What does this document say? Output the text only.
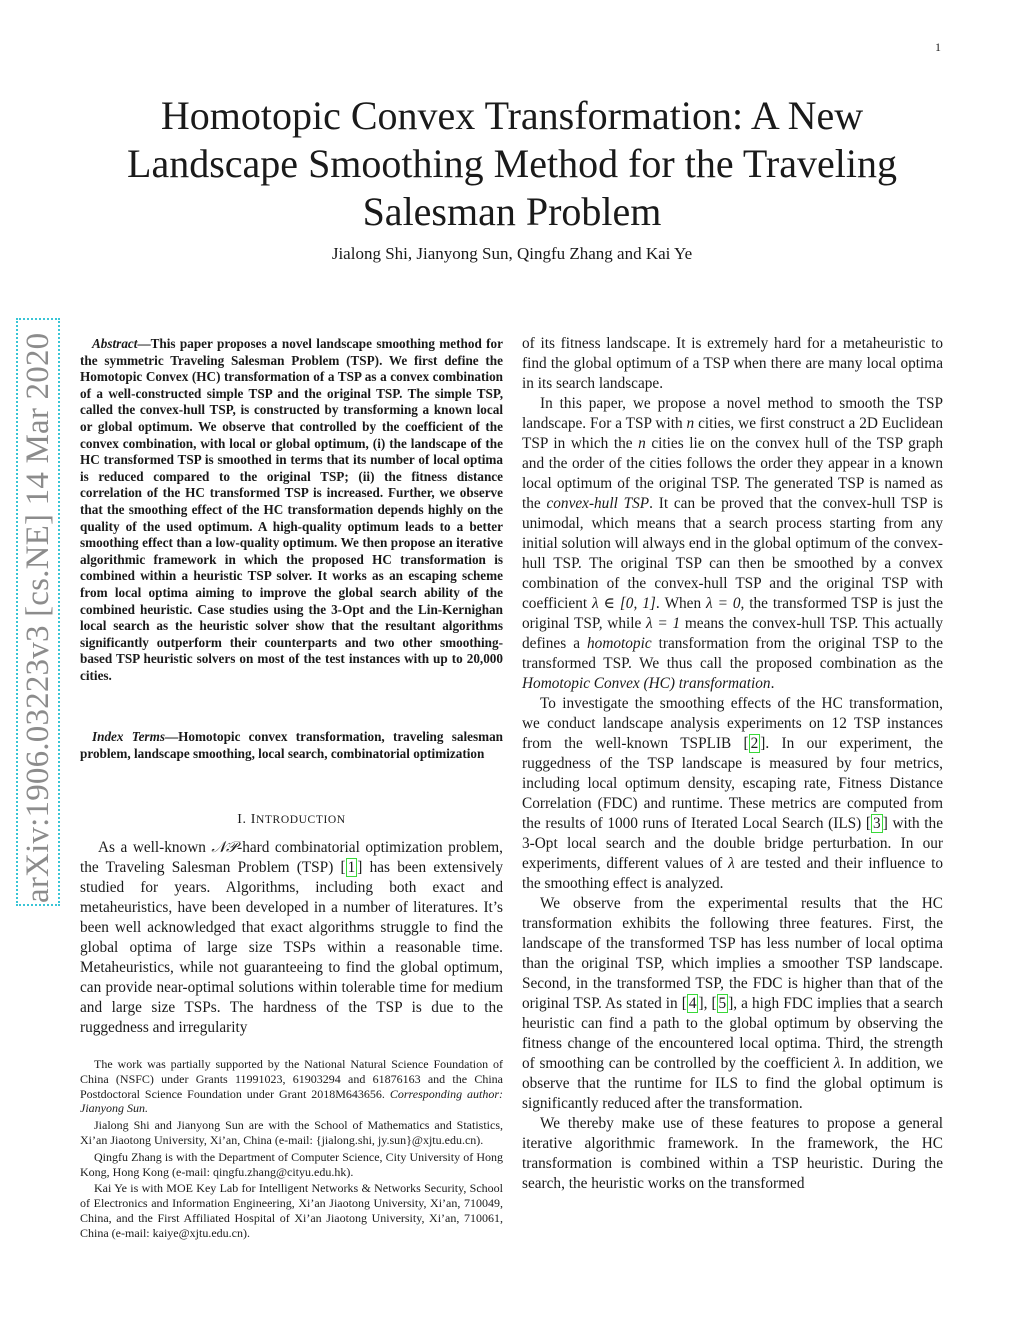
1
arXiv:1906.03223v3 [cs.NE] 14 Mar 2020
Homotopic Convex Transformation: A New Landscape Smoothing Method for the Traveling Salesman Problem
Jialong Shi, Jianyong Sun, Qingfu Zhang and Kai Ye

Abstract—This paper proposes a novel landscape smoothing method for the symmetric Traveling Salesman Problem (TSP). We first define the Homotopic Convex (HC) transformation of a TSP as a convex combination of a well-constructed simple TSP and the original TSP. The simple TSP, called the convex-hull TSP, is constructed by transforming a known local or global optimum. We observe that controlled by the coefficient of the convex combination, with local or global optimum, (i) the landscape of the HC transformed TSP is smoothed in terms that its number of local optima is reduced compared to the original TSP; (ii) the fitness distance correlation of the HC transformed TSP is increased. Further, we observe that the smoothing effect of the HC transformation depends highly on the quality of the used optimum. A high-quality optimum leads to a better smoothing effect than a low-quality optimum. We then propose an iterative algorithmic framework in which the proposed HC transformation is combined within a heuristic TSP solver. It works as an escaping scheme from local optima aiming to improve the global search ability of the combined heuristic. Case studies using the 3-Opt and the Lin-Kernighan local search as the heuristic solver show that the resultant algorithms significantly outperform their counterparts and two other smoothing-based TSP heuristic solvers on most of the test instances with up to 20,000 cities.

Index Terms—Homotopic convex transformation, traveling salesman problem, landscape smoothing, local search, combinatorial optimization

I. INTRODUCTION

As a well-known 𝒩𝒫-hard combinatorial optimization problem, the Traveling Salesman Problem (TSP) [ 1 ] has been extensively studied for years. Algorithms, including both exact and metaheuristics, have been developed in a number of literatures. It’s been well acknowledged that exact algorithms struggle to find the global optima of large size TSPs within a reasonable time. Metaheuristics, while not guaranteeing to find the global optimum, can provide near-optimal solutions within tolerable time for medium and large size TSPs. The hardness of the TSP is due to the ruggedness and irregularity

The work was partially supported by the National Natural Science Foundation of China (NSFC) under Grants 11991023, 61903294 and 61876163 and the China Postdoctoral Science Foundation under Grant 2018M643656. Corresponding author: Jianyong Sun.

Jialong Shi and Jianyong Sun are with the School of Mathematics and Statistics, Xi’an Jiaotong University, Xi’an, China (e-mail: {jialong.shi, jy.sun}@xjtu.edu.cn).

Qingfu Zhang is with the Department of Computer Science, City University of Hong Kong, Hong Kong (e-mail: qingfu.zhang@cityu.edu.hk).

Kai Ye is with MOE Key Lab for Intelligent Networks & Networks Security, School of Electronics and Information Engineering, Xi’an Jiaotong University, Xi’an, 710049, China, and the First Affiliated Hospital of Xi’an Jiaotong University, Xi’an, 710061, China (e-mail: kaiye@xjtu.edu.cn).

of its fitness landscape. It is extremely hard for a metaheuristic to find the global optimum of a TSP when there are many local optima in its search landscape.

In this paper, we propose a novel method to smooth the TSP landscape. For a TSP with n cities, we first construct a 2D Euclidean TSP in which the n cities lie on the convex hull of the TSP graph and the order of the cities follows the order they appear in a known local optimum of the original TSP. The generated TSP is named as the convex-hull TSP. It can be proved that the convex-hull TSP is unimodal, which means that a search process starting from any initial solution will always end in the global optimum of the convex-hull TSP. The original TSP can then be smoothed by a convex combination of the convex-hull TSP and the original TSP with coefficient λ ∈ [0, 1]. When λ = 0, the transformed TSP is just the original TSP, while λ = 1 means the convex-hull TSP. This actually defines a homotopic transformation from the original TSP to the transformed TSP. We thus call the proposed combination as the Homotopic Convex (HC) transformation.

To investigate the smoothing effects of the HC transformation, we conduct landscape analysis experiments on 12 TSP instances from the well-known TSPLIB [ 2 ]. In our experiment, the ruggedness of the TSP landscape is measured by four metrics, including local optimum density, escaping rate, Fitness Distance Correlation (FDC) and runtime. These metrics are computed from the results of 1000 runs of Iterated Local Search (ILS) [ 3 ] with the 3-Opt local search and the double bridge perturbation. In our experiments, different values of λ are tested and their influence to the smoothing effect is analyzed.

We observe from the experimental results that the HC transformation exhibits the following three features. First, the landscape of the transformed TSP has less number of local optima than the original TSP, which implies a smoother TSP landscape. Second, in the transformed TSP, the FDC is higher than that of the original TSP. As stated in [ 4 ], [ 5 ], a high FDC implies that a search heuristic can find a path to the global optimum by observing the fitness change of the encountered local optima. Third, the strength of smoothing can be controlled by the coefficient λ. In addition, we observe that the runtime for ILS to find the global optimum is significantly reduced after the transformation.

We thereby make use of these features to propose a general iterative algorithmic framework. In the framework, the HC transformation is combined within a TSP heuristic. During the search, the heuristic works on the transformed
